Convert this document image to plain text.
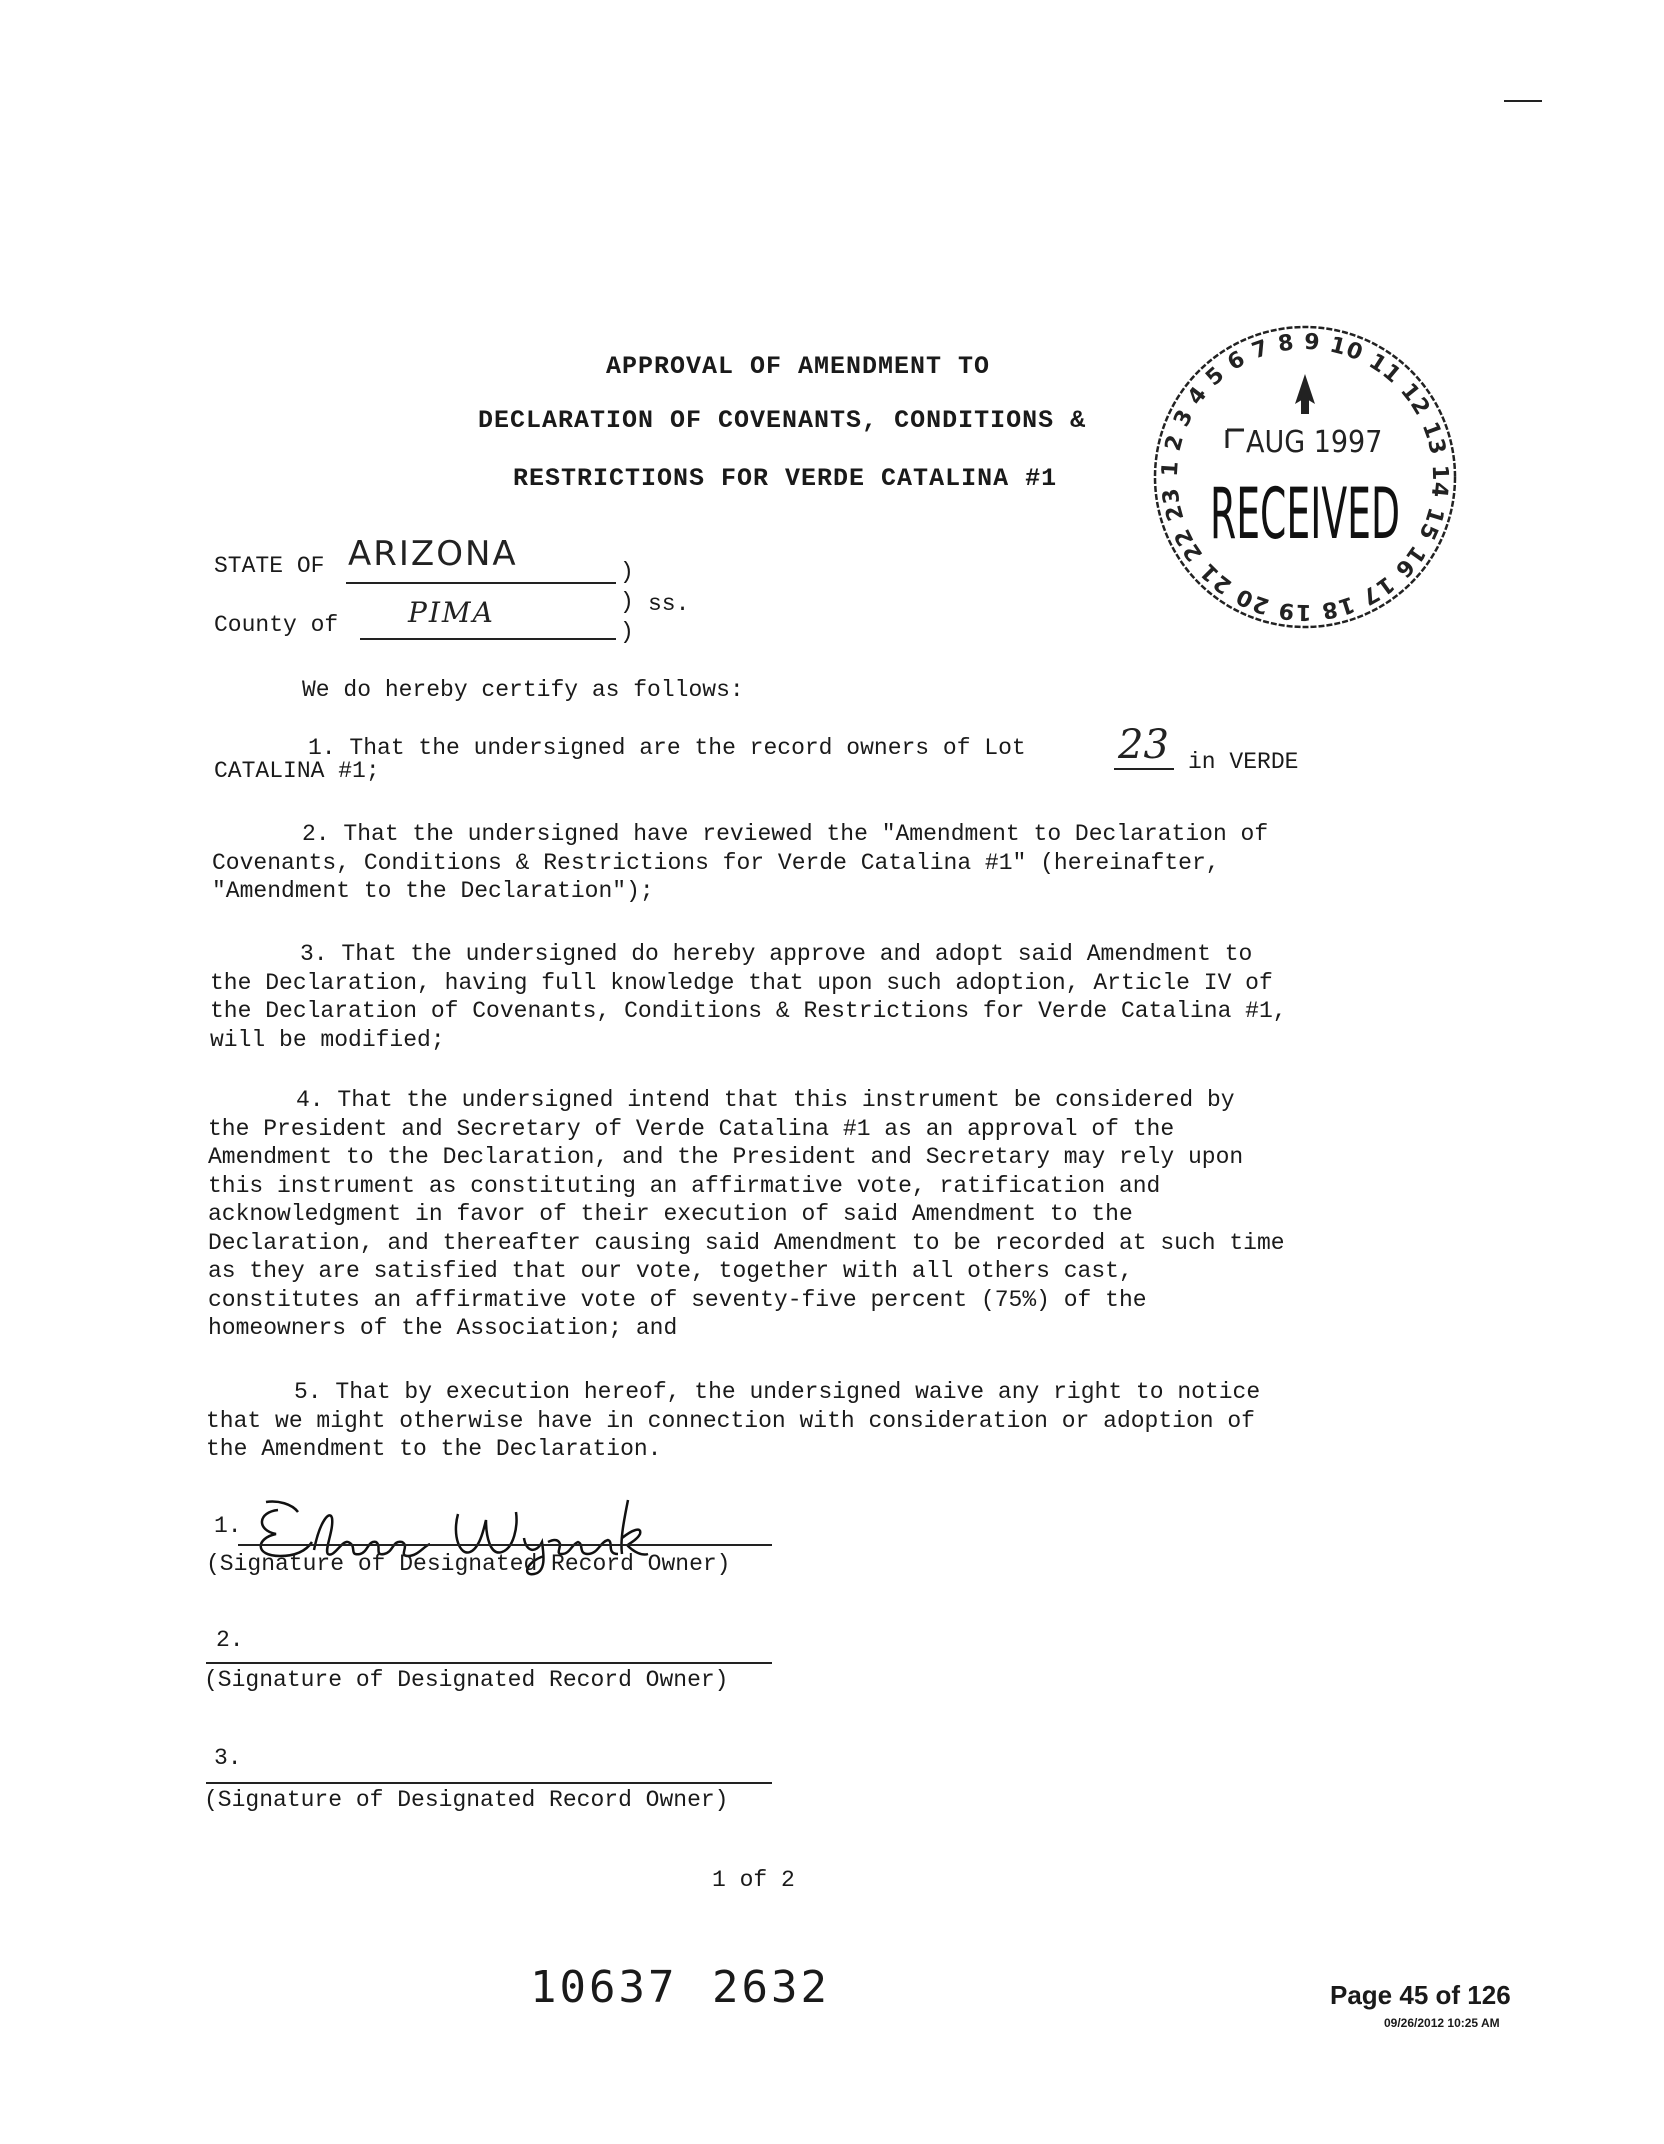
APPROVAL OF AMENDMENT TO
DECLARATION OF COVENANTS, CONDITIONS &
RESTRICTIONS FOR VERDE CATALINA #1	1 2 3 4 5 6 7 8 9 10 11 12 13 14 15 16 17 18 19 20 21 22 23
AUG 1997
RECEIVED
STATE OF ARIZONA	)
County of PIMA	)
)
ss.
We do hereby certify as follows:
1. That the undersigned are the record owners of Lot 23 in VERDE
CATALINA #1;
2. That the undersigned have reviewed the "Amendment to Declaration of
Covenants, Conditions & Restrictions for Verde Catalina #1" (hereinafter,
"Amendment to the Declaration");
3. That the undersigned do hereby approve and adopt said Amendment to
the Declaration, having full knowledge that upon such adoption, Article IV of
the Declaration of Covenants, Conditions & Restrictions for Verde Catalina #1,
will be modified;
4. That the undersigned intend that this instrument be considered by
the President and Secretary of Verde Catalina #1 as an approval of the
Amendment to the Declaration, and the President and Secretary may rely upon
this instrument as constituting an affirmative vote, ratification and
acknowledgment in favor of their execution of said Amendment to the
Declaration, and thereafter causing said Amendment to be recorded at such time
as they are satisfied that our vote, together with all others cast,
constitutes an affirmative vote of seventy-five percent (75%) of the
homeowners of the Association; and
5. That by execution hereof, the undersigned waive any right to notice
that we might otherwise have in connection with consideration or adoption of
the Amendment to the Declaration.
1.
(Signature of Designated Record Owner)
2.
(Signature of Designated Record Owner)
3.
(Signature of Designated Record Owner)
1 of 2
10637 2632	Page 45 of 126
09/26/2012 10:25 AM
